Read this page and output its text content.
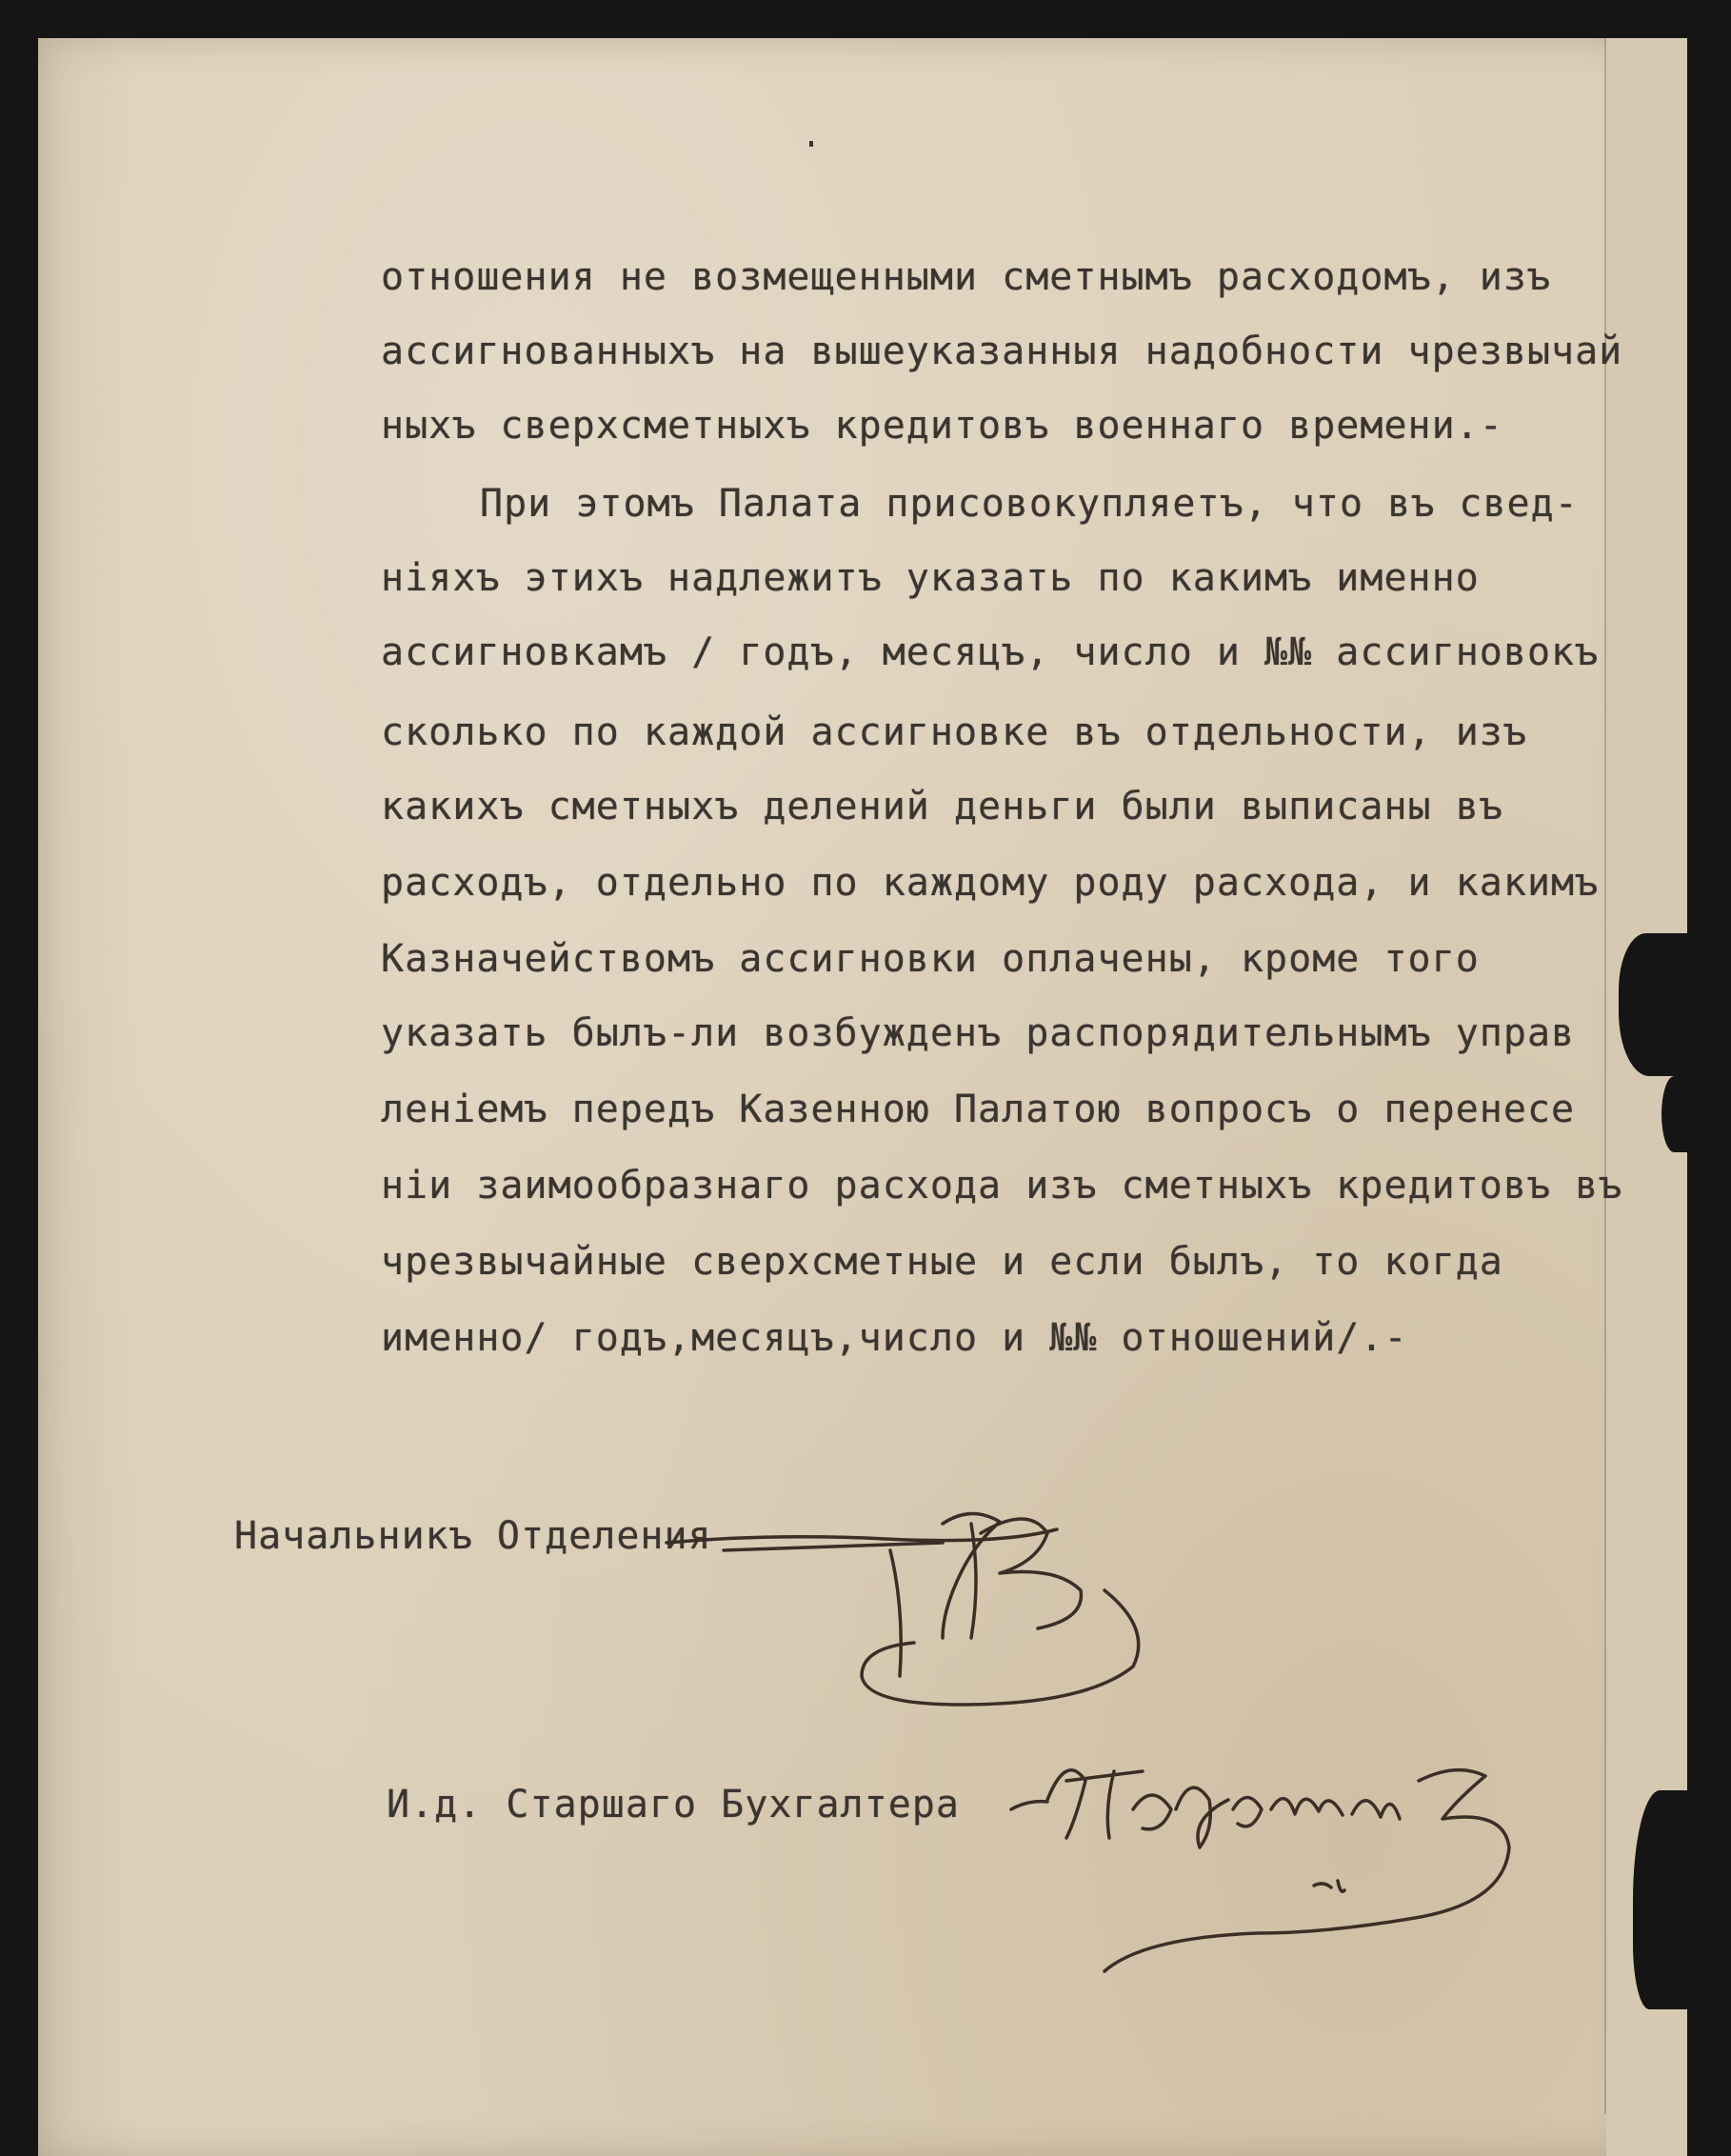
отношения не возмещенными сметнымъ расходомъ, изъ
ассигнованныхъ на вышеуказанныя надобности чрезвычай
ныхъ сверхсметныхъ кредитовъ военнаго времени.-
При этомъ Палата присовокупляетъ, что въ свед-
нiяхъ этихъ надлежитъ указать по какимъ именно
ассигновкамъ / годъ, месяцъ, число и №№ ассигновокъ
сколько по каждой ассигновке въ отдельности, изъ
какихъ сметныхъ делений деньги были выписаны въ
расходъ, отдельно по каждому роду расхода, и какимъ
Казначействомъ ассигновки оплачены, кроме того
указать былъ-ли возбужденъ распорядительнымъ управ
ленiемъ передъ Казенною Палатою вопросъ о перенесе
нiи заимообразнаго расхода изъ сметныхъ кредитовъ въ
чрезвычайные сверхсметные и если былъ, то когда
именно/ годъ,месяцъ,число и №№ отношений/.-
Начальникъ Отделения
И.д. Старшаго Бухгалтера
